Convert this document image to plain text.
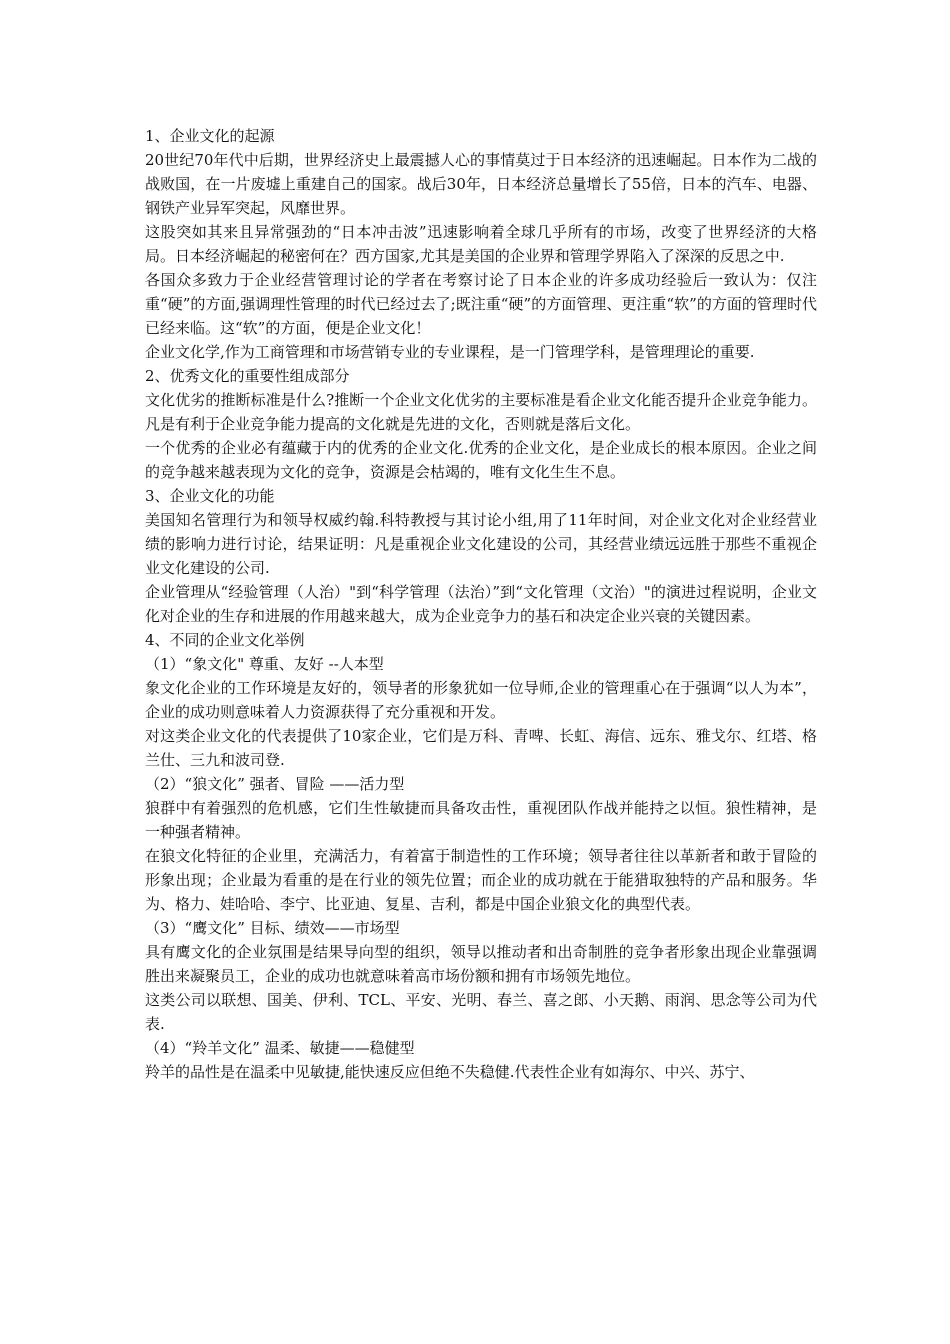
1、企业文化的起源

20世纪70年代中后期，世界经济史上最震撼人心的事情莫过于日本经济的迅速崛起。日本作为二战的战败国，在一片废墟上重建自己的国家。战后30年，日本经济总量增长了55倍，日本的汽车、电器、钢铁产业异军突起，风靡世界。

这股突如其来且异常强劲的“日本冲击波”迅速影响着全球几乎所有的市场，改变了世界经济的大格局。日本经济崛起的秘密何在？西方国家,尤其是美国的企业界和管理学界陷入了深深的反思之中.

各国众多致力于企业经营管理讨论的学者在考察讨论了日本企业的许多成功经验后一致认为：仅注重“硬”的方面,强调理性管理的时代已经过去了;既注重“硬”的方面管理、更注重“软”的方面的管理时代已经来临。这“软”的方面，便是企业文化！

企业文化学,作为工商管理和市场营销专业的专业课程，是一门管理学科，是管理理论的重要.

2、优秀文化的重要性组成部分

文化优劣的推断标准是什么?推断一个企业文化优劣的主要标准是看企业文化能否提升企业竞争能力。凡是有利于企业竞争能力提高的文化就是先进的文化，否则就是落后文化。

一个优秀的企业必有蕴藏于内的优秀的企业文化.优秀的企业文化，是企业成长的根本原因。企业之间的竞争越来越表现为文化的竞争，资源是会枯竭的，唯有文化生生不息。

3、企业文化的功能

美国知名管理行为和领导权威约翰.科特教授与其讨论小组,用了11年时间，对企业文化对企业经营业绩的影响力进行讨论，结果证明：凡是重视企业文化建设的公司，其经营业绩远远胜于那些不重视企业文化建设的公司.

企业管理从“经验管理（人治）"到“科学管理（法治）”到“文化管理（文治）"的演进过程说明，企业文化对企业的生存和进展的作用越来越大，成为企业竞争力的基石和决定企业兴衰的关键因素。

4、不同的企业文化举例

（1）“象文化" 尊重、友好 --人本型

象文化企业的工作环境是友好的，领导者的形象犹如一位导师,企业的管理重心在于强调“以人为本”，企业的成功则意味着人力资源获得了充分重视和开发。

对这类企业文化的代表提供了10家企业，它们是万科、青啤、长虹、海信、远东、雅戈尔、红塔、格兰仕、三九和波司登.

（2）“狼文化” 强者、冒险 ——活力型

狼群中有着强烈的危机感，它们生性敏捷而具备攻击性，重视团队作战并能持之以恒。狼性精神，是一种强者精神。

在狼文化特征的企业里，充满活力，有着富于制造性的工作环境；领导者往往以革新者和敢于冒险的形象出现；企业最为看重的是在行业的领先位置；而企业的成功就在于能猎取独特的产品和服务。华为、格力、娃哈哈、李宁、比亚迪、复星、吉利，都是中国企业狼文化的典型代表。

（3）“鹰文化” 目标、绩效——市场型

具有鹰文化的企业氛围是结果导向型的组织，领导以推动者和出奇制胜的竞争者形象出现企业靠强调胜出来凝聚员工，企业的成功也就意味着高市场份额和拥有市场领先地位。

这类公司以联想、国美、伊利、TCL、平安、光明、春兰、喜之郎、小天鹅、雨润、思念等公司为代表.

（4）“羚羊文化” 温柔、敏捷——稳健型

羚羊的品性是在温柔中见敏捷,能快速反应但绝不失稳健.代表性企业有如海尔、中兴、苏宁、
